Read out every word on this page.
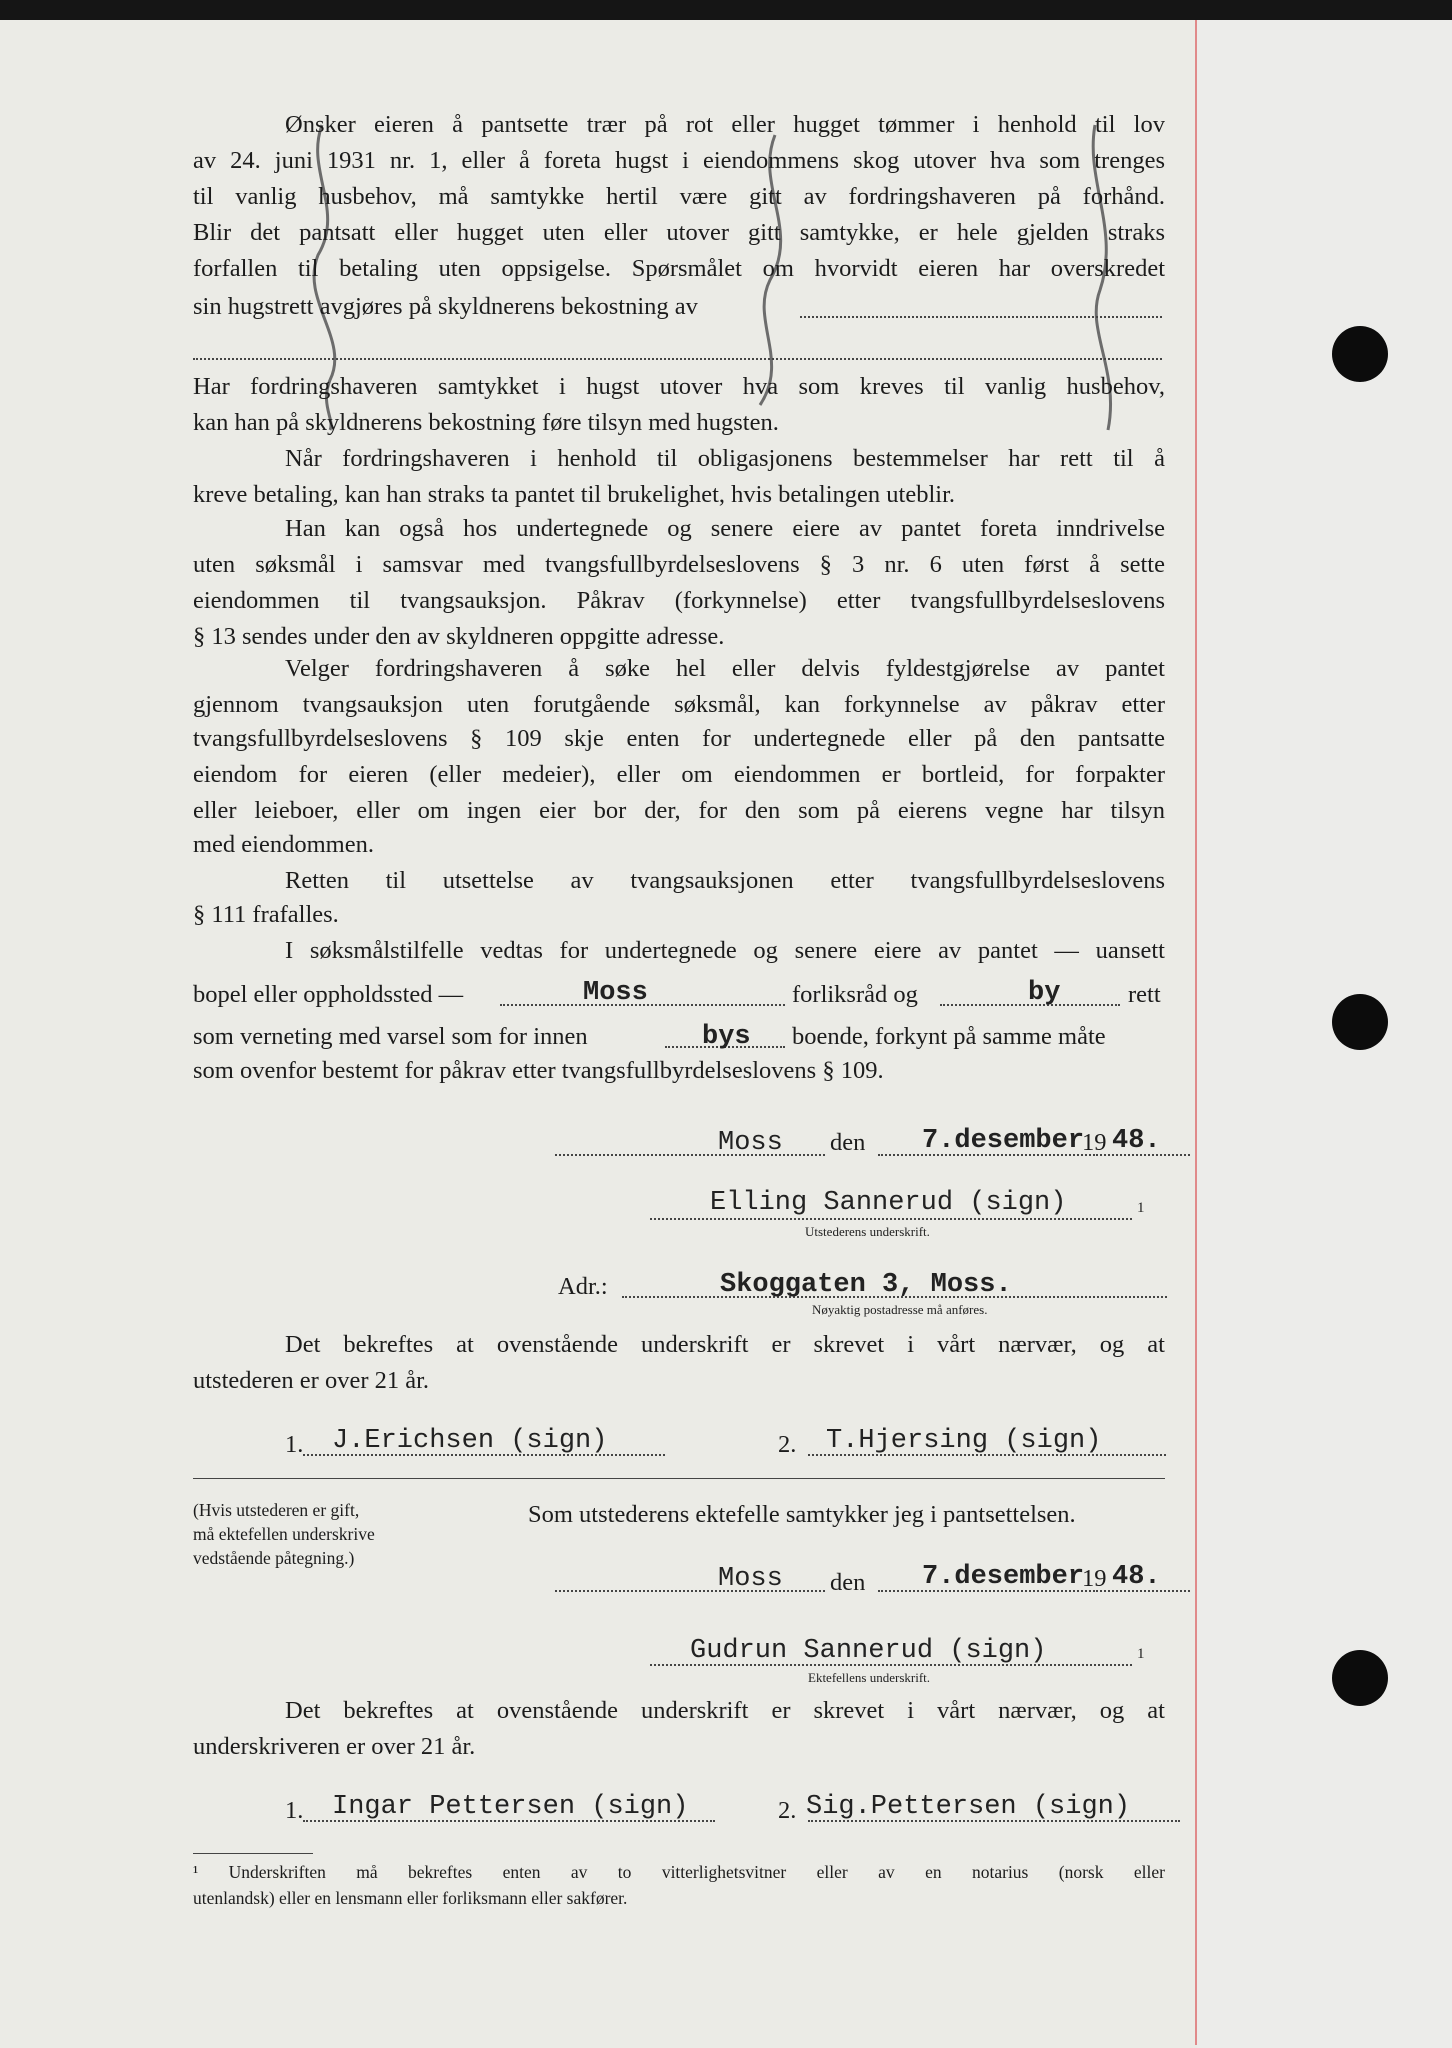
Ønsker eieren å pantsette trær på rot eller hugget tømmer i henhold til lov
av 24. juni 1931 nr. 1, eller å foreta hugst i eiendommens skog utover hva som trenges
til vanlig husbehov, må samtykke hertil være gitt av fordringshaveren på forhånd.
Blir det pantsatt eller hugget uten eller utover gitt samtykke, er hele gjelden straks
forfallen til betaling uten oppsigelse. Spørsmålet om hvorvidt eieren har overskredet
sin hugstrett avgjøres på skyldnerens bekostning av
Har fordringshaveren samtykket i hugst utover hva som kreves til vanlig husbehov,
kan han på skyldnerens bekostning føre tilsyn med hugsten.
Når fordringshaveren i henhold til obligasjonens bestemmelser har rett til å
kreve betaling, kan han straks ta pantet til brukelighet, hvis betalingen uteblir.
Han kan også hos undertegnede og senere eiere av pantet foreta inndrivelse
uten søksmål i samsvar med tvangsfullbyrdelseslovens § 3 nr. 6 uten først å sette
eiendommen til tvangsauksjon. Påkrav (forkynnelse) etter tvangsfullbyrdelseslovens
§ 13 sendes under den av skyldneren oppgitte adresse.
Velger fordringshaveren å søke hel eller delvis fyldestgjørelse av pantet
gjennom tvangsauksjon uten forutgående søksmål, kan forkynnelse av påkrav etter
tvangsfullbyrdelseslovens § 109 skje enten for undertegnede eller på den pantsatte
eiendom for eieren (eller medeier), eller om eiendommen er bortleid, for forpakter
eller leieboer, eller om ingen eier bor der, for den som på eierens vegne har tilsyn
med eiendommen.
Retten til utsettelse av tvangsauksjonen etter tvangsfullbyrdelseslovens
§ 111 frafalles.
I søksmålstilfelle vedtas for undertegnede og senere eiere av pantet — uansett
bopel eller oppholdssted —	Moss	forliksråd og	by	rett
som verneting med varsel som for innen	bys boende, forkynt på samme måte
som ovenfor bestemt for påkrav etter tvangsfullbyrdelseslovens § 109.
Moss den 7.desember
19 48.
Elling Sannerud (sign)	1
Utstederens underskrift.
Adr.:	Skoggaten 3, Moss.
Nøyaktig postadresse må anføres.
Det bekreftes at ovenstående underskrift er skrevet i vårt nærvær, og at
utstederen er over 21 år.
1. J.Erichsen (sign)	2. T.Hjersing (sign)
(Hvis utstederen er gift,
må ektefellen underskrive
vedstående påtegning.)
Som utstederens ektefelle samtykker jeg i pantsettelsen.
Moss den 7.desember
19 48.
Gudrun Sannerud (sign)	1
Ektefellens underskrift.
Det bekreftes at ovenstående underskrift er skrevet i vårt nærvær, og at
underskriveren er over 21 år.
1. Ingar Pettersen (sign)	2. Sig.Pettersen (sign)
¹ Underskriften må bekreftes enten av to vitterlighetsvitner eller av en notarius (norsk eller
utenlandsk) eller en lensmann eller forliksmann eller sakfører.
